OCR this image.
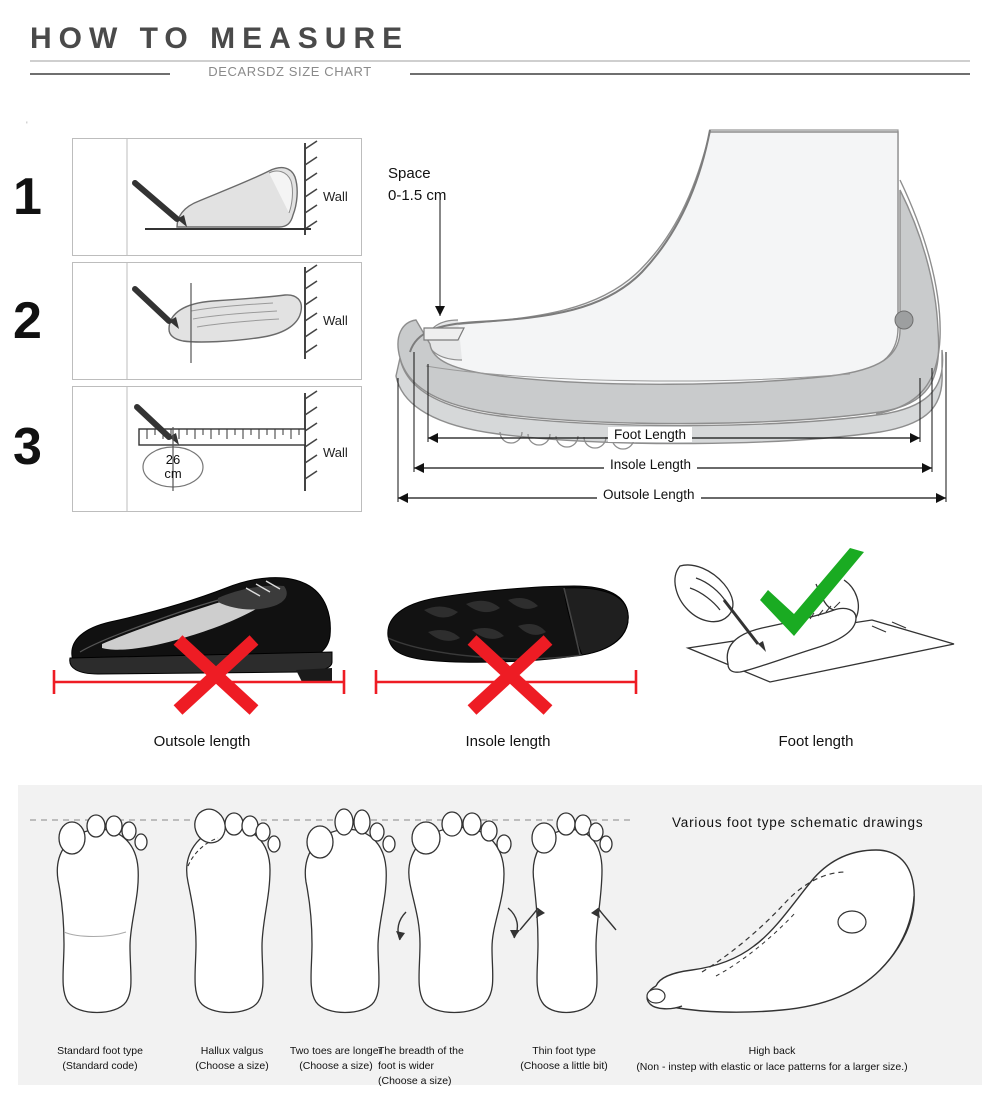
HOW TO MEASURE
DECARSDZ SIZE CHART
'
1	Wall
2	Wall
3	Wall
26
cm
Space
0-1.5 cm
Foot Length
Insole Length
Outsole Length
Outsole length	Insole length	Foot length
Standard foot type
(Standard code)
Hallux valgus
(Choose a size)
Two toes are longer
(Choose a size)
The breadth of the
foot is wider
(Choose a size)
Thin foot type
(Choose a little bit)
Various foot type schematic drawings
High back
(Non - instep with elastic or lace patterns for a larger size.)
